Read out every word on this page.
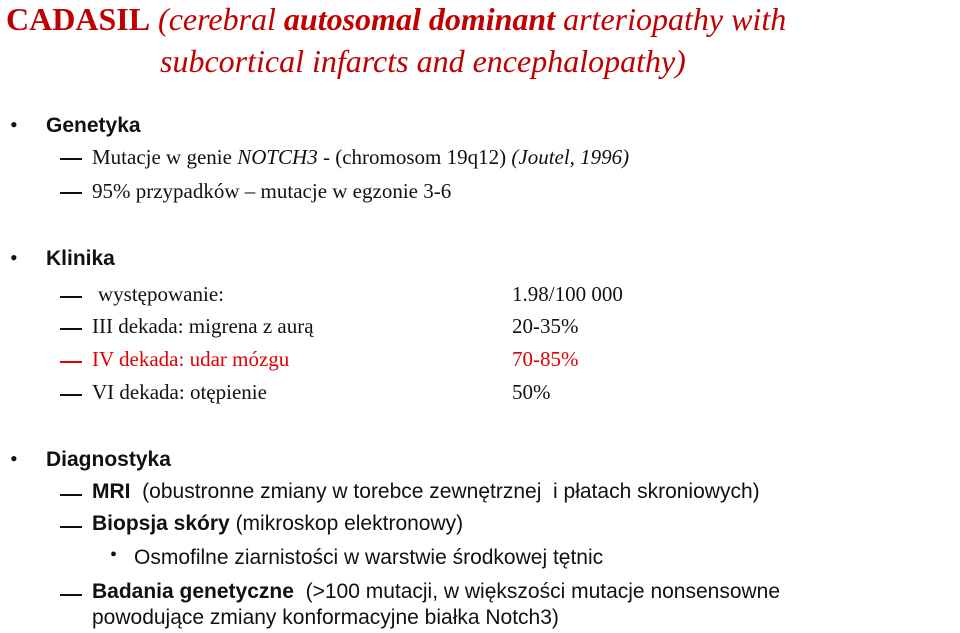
CADASIL (cerebral autosomal dominant arteriopathy with
subcortical infarcts and encephalopathy)
• Genetyka
Mutacje w genie NOTCH3 - (chromosom 19q12) (Joutel, 1996)
95% przypadków – mutacje w egzonie 3-6
• Klinika
występowanie:	1.98/100 000
III dekada: migrena z aurą	20-35%
IV dekada: udar mózgu	70-85%
VI dekada: otępienie	50%
• Diagnostyka
MRI  (obustronne zmiany w torebce zewnętrznej  i płatach skroniowych)
Biopsja skóry (mikroskop elektronowy)
• Osmofilne ziarnistości w warstwie środkowej tętnic
Badania genetyczne  (>100 mutacji, w większości mutacje nonsensowne
powodujące zmiany konformacyjne białka Notch3)
